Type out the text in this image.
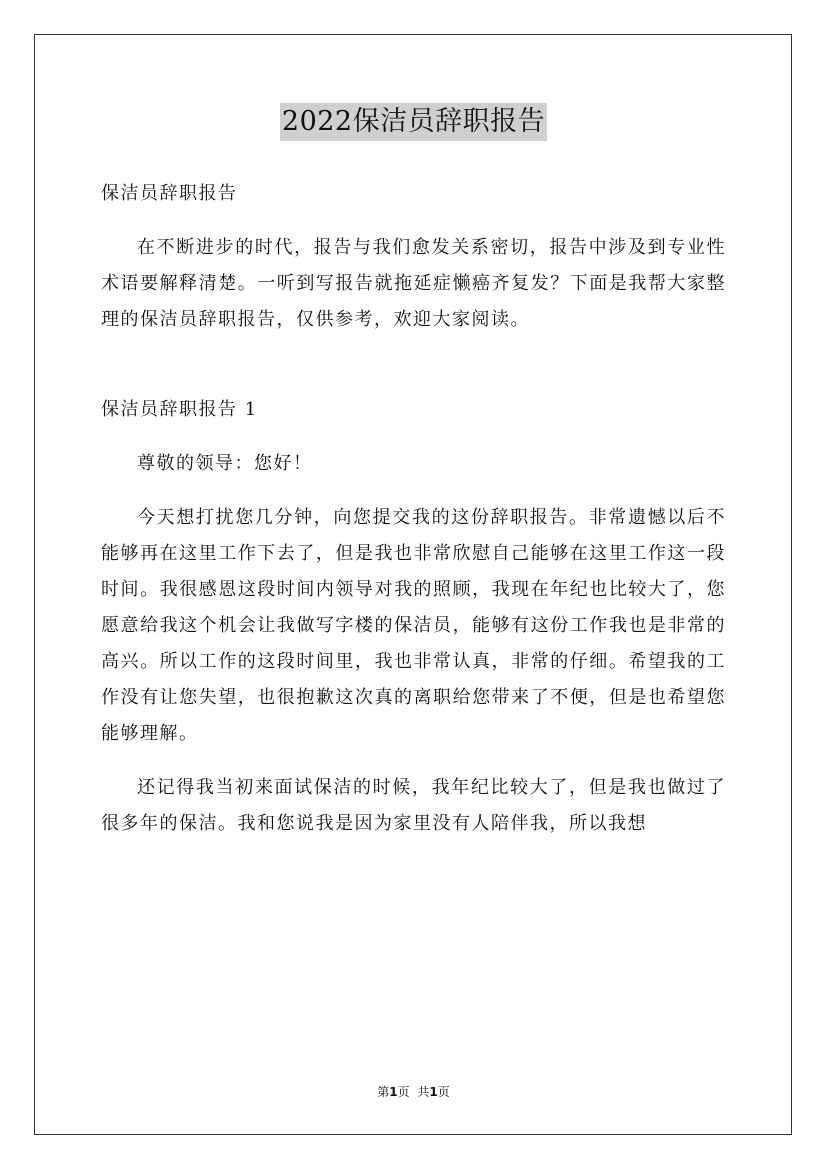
2022保洁员辞职报告

保洁员辞职报告

在不断进步的时代，报告与我们愈发关系密切，报告中涉及到专业性术语要解释清楚。一听到写报告就拖延症懒癌齐复发？下面是我帮大家整理的保洁员辞职报告，仅供参考，欢迎大家阅读。

保洁员辞职报告 1

尊敬的领导：您好！

今天想打扰您几分钟，向您提交我的这份辞职报告。非常遗憾以后不能够再在这里工作下去了，但是我也非常欣慰自己能够在这里工作这一段时间。我很感恩这段时间内领导对我的照顾，我现在年纪也比较大了，您愿意给我这个机会让我做写字楼的保洁员，能够有这份工作我也是非常的高兴。所以工作的这段时间里，我也非常认真，非常的仔细。希望我的工作没有让您失望，也很抱歉这次真的离职给您带来了不便，但是也希望您能够理解。

还记得我当初来面试保洁的时候，我年纪比较大了，但是我也做过了很多年的保洁。我和您说我是因为家里没有人陪伴我，所以我想

第1页 共1页
